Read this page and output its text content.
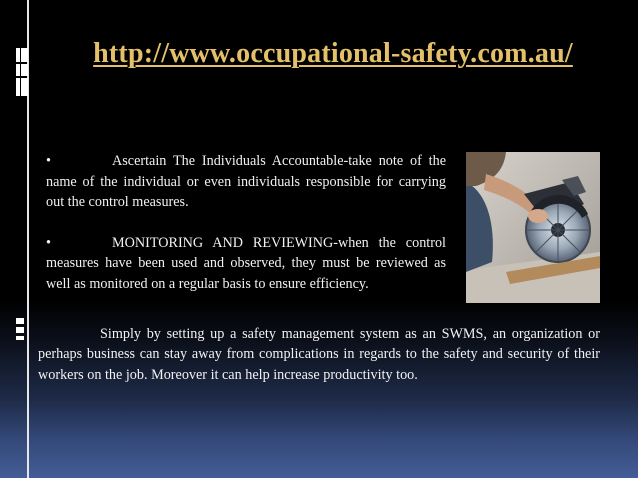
http://www.occupational-safety.com.au/
•	Ascertain The Individuals Accountable-take note of the name of the individual or even individuals responsible for carrying out the control measures.
•	MONITORING AND REVIEWING-when the control measures have been used and observed, they must be reviewed as well as monitored on a regular basis to ensure efficiency.
Simply by setting up a safety management system as an SWMS, an organization or perhaps business can stay away from complications in regards to the safety and security of their workers on the job. Moreover it can help increase productivity too.
